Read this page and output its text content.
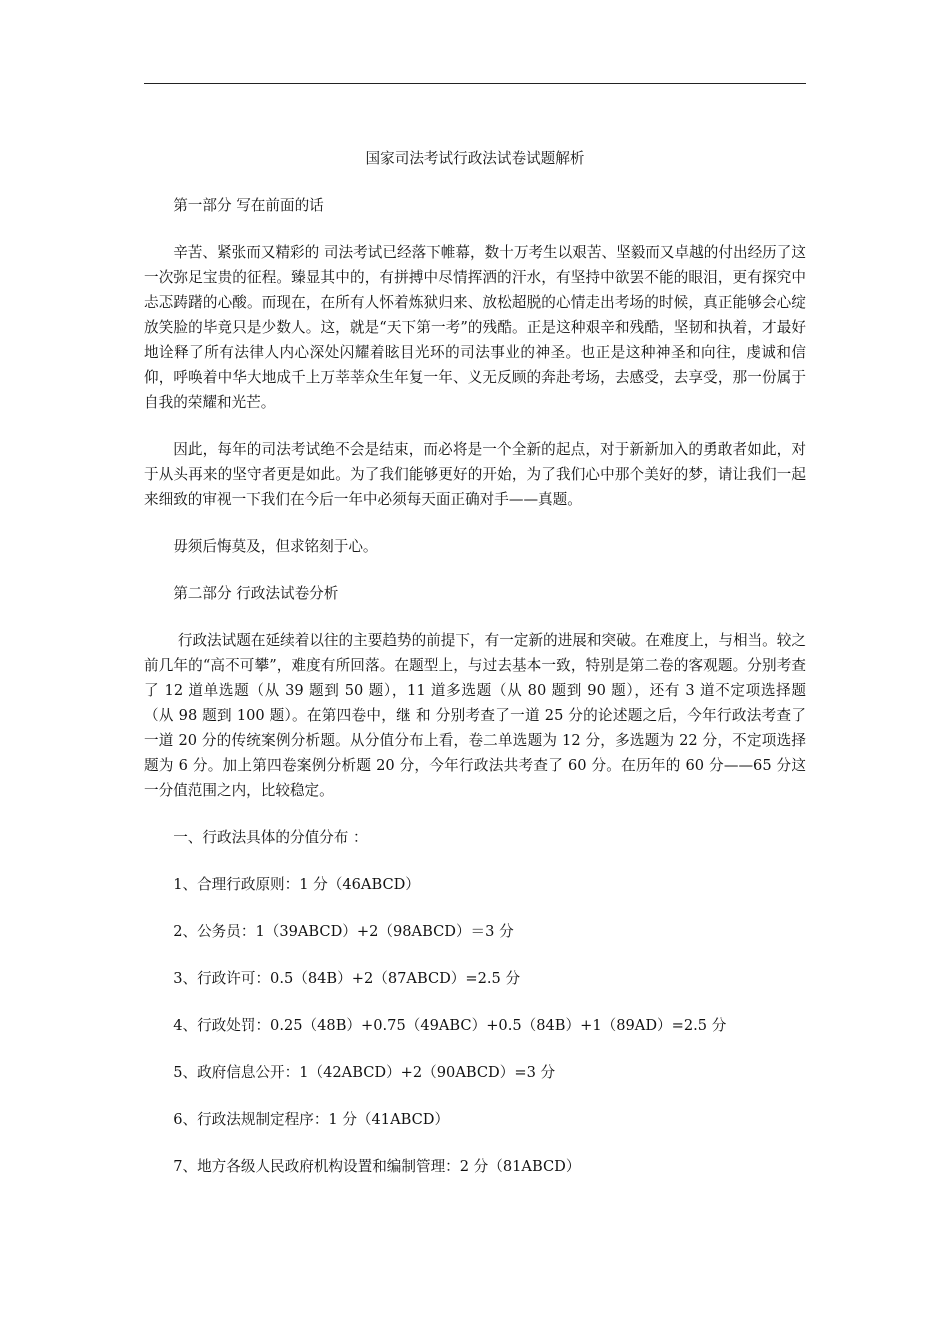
国家司法考试行政法试卷试题解析
第一部分 写在前面的话
辛苦、紧张而又精彩的 司法考试已经落下帷幕，数十万考生以艰苦、坚毅而又卓越的付出经历了这一次弥足宝贵的征程。臻显其中的，有拼搏中尽情挥洒的汗水，有坚持中欲罢不能的眼泪，更有探究中忐忑踌躇的心酸。而现在，在所有人怀着炼狱归来、放松超脱的心情走出考场的时候，真正能够会心绽放笑脸的毕竟只是少数人。这，就是“天下第一考”的残酷。正是这种艰辛和残酷，坚韧和执着，才最好地诠释了所有法律人内心深处闪耀着眩目光环的司法事业的神圣。也正是这种神圣和向往，虔诚和信仰，呼唤着中华大地成千上万莘莘众生年复一年、义无反顾的奔赴考场，去感受，去享受，那一份属于自我的荣耀和光芒。
因此，每年的司法考试绝不会是结束，而必将是一个全新的起点，对于新新加入的勇敢者如此，对于从头再来的坚守者更是如此。为了我们能够更好的开始，为了我们心中那个美好的梦，请让我们一起来细致的审视一下我们在今后一年中必须每天面正确对手——真题。
毋须后悔莫及，但求铭刻于心。
第二部分 行政法试卷分析
行政法试题在延续着以往的主要趋势的前提下，有一定新的进展和突破。在难度上，与相当。较之前几年的“高不可攀”，难度有所回落。在题型上，与过去基本一致，特别是第二卷的客观题。分别考查了 12 道单选题（从 39 题到 50 题），11 道多选题（从 80 题到 90 题），还有 3 道不定项选择题（从 98 题到 100 题）。在第四卷中，继 和 分别考查了一道 25 分的论述题之后，今年行政法考查了一道 20 分的传统案例分析题。从分值分布上看，卷二单选题为 12 分，多选题为 22 分，不定项选择题为 6 分。加上第四卷案例分析题 20 分，今年行政法共考查了 60 分。在历年的 60 分——65 分这一分值范围之内，比较稳定。
一、行政法具体的分值分布 ：
1、合理行政原则：1 分（46ABCD）
2、公务员：1（39ABCD）+2（98ABCD）＝3 分
3、行政许可：0.5（84B）+2（87ABCD）=2.5 分
4、行政处罚：0.25（48B）+0.75（49ABC）+0.5（84B）+1（89AD）=2.5 分
5、政府信息公开：1（42ABCD）+2（90ABCD）=3 分
6、行政法规制定程序：1 分（41ABCD）
7、地方各级人民政府机构设置和编制管理：2 分（81ABCD）
